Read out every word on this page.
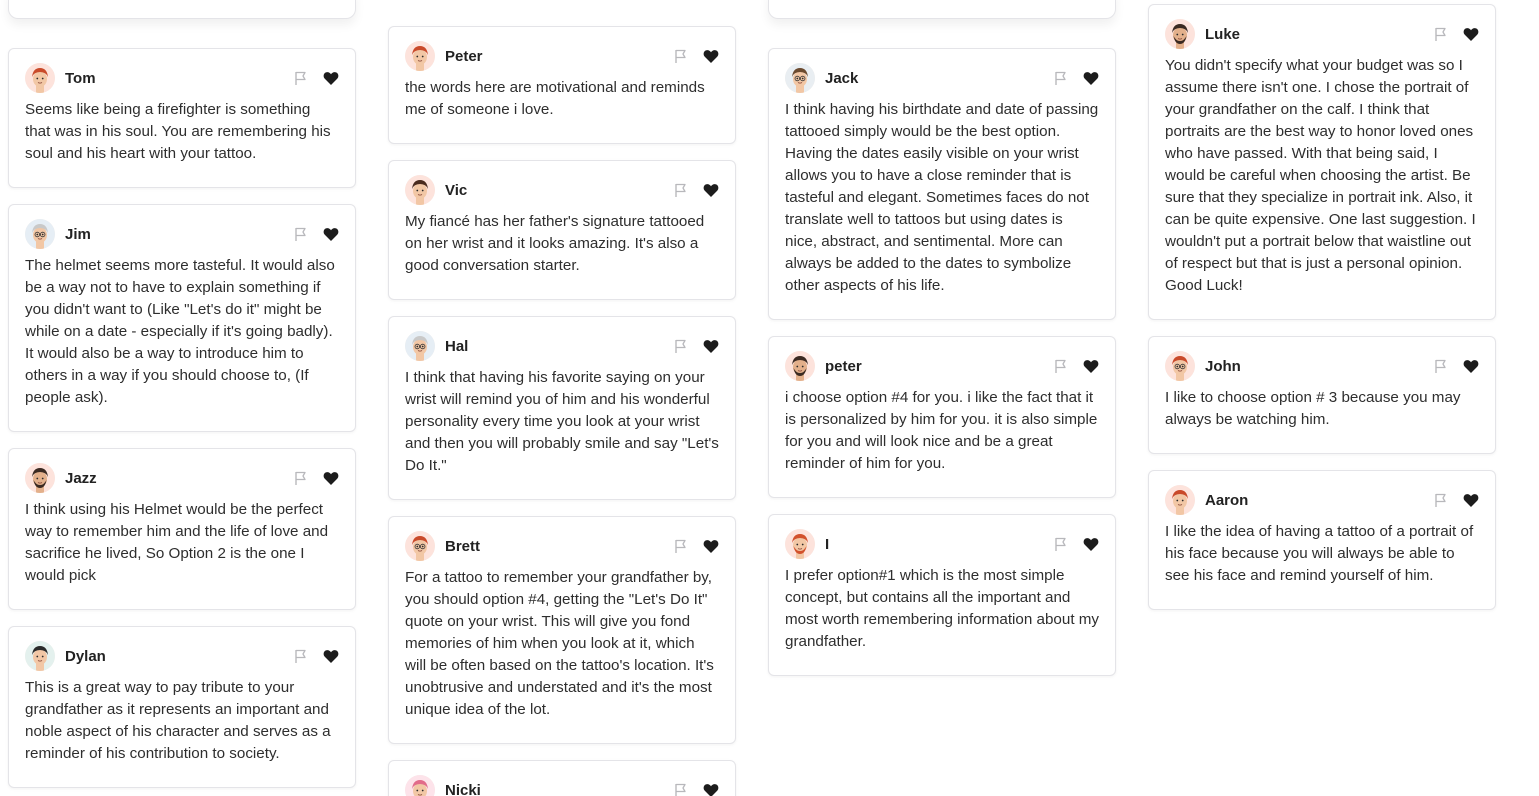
Tom

Seems like being a firefighter is something that was in his soul. You are remembering his soul and his heart with your tattoo.

Jim

The helmet seems more tasteful. It would also be a way not to have to explain something if you didn't want to (Like "Let's do it" might be while on a date - especially if it's going badly). It would also be a way to introduce him to others in a way if you should choose to, (If people ask).

Jazz

I think using his Helmet would be the perfect way to remember him and the life of love and sacrifice he lived, So Option 2 is the one I would pick

Dylan

This is a great way to pay tribute to your grandfather as it represents an important and noble aspect of his character and serves as a reminder of his contribution to society.

Peter

the words here are motivational and reminds me of someone i love.

Vic

My fiancé has her father's signature tattooed on her wrist and it looks amazing. It's also a good conversation starter.

Hal

I think that having his favorite saying on your wrist will remind you of him and his wonderful personality every time you look at your wrist and then you will probably smile and say "Let's Do It."

Brett

For a tattoo to remember your grandfather by, you should option #4, getting the "Let's Do It" quote on your wrist. This will give you fond memories of him when you look at it, which will be often based on the tattoo's location. It's unobtrusive and understated and it's the most unique idea of the lot.

Nicki

Jack

I think having his birthdate and date of passing tattooed simply would be the best option. Having the dates easily visible on your wrist allows you to have a close reminder that is tasteful and elegant. Sometimes faces do not translate well to tattoos but using dates is nice, abstract, and sentimental. More can always be added to the dates to symbolize other aspects of his life.

peter

i choose option #4 for you. i like the fact that it is personalized by him for you. it is also simple for you and will look nice and be a great reminder of him for you.

I

I prefer option#1 which is the most simple concept, but contains all the important and most worth remembering information about my grandfather.

Luke

You didn't specify what your budget was so I assume there isn't one. I chose the portrait of your grandfather on the calf. I think that portraits are the best way to honor loved ones who have passed. With that being said, I would be careful when choosing the artist. Be sure that they specialize in portrait ink. Also, it can be quite expensive. One last suggestion. I wouldn't put a portrait below that waistline out of respect but that is just a personal opinion. Good Luck!

John

I like to choose option # 3 because you may always be watching him.

Aaron

I like the idea of having a tattoo of a portrait of his face because you will always be able to see his face and remind yourself of him.
